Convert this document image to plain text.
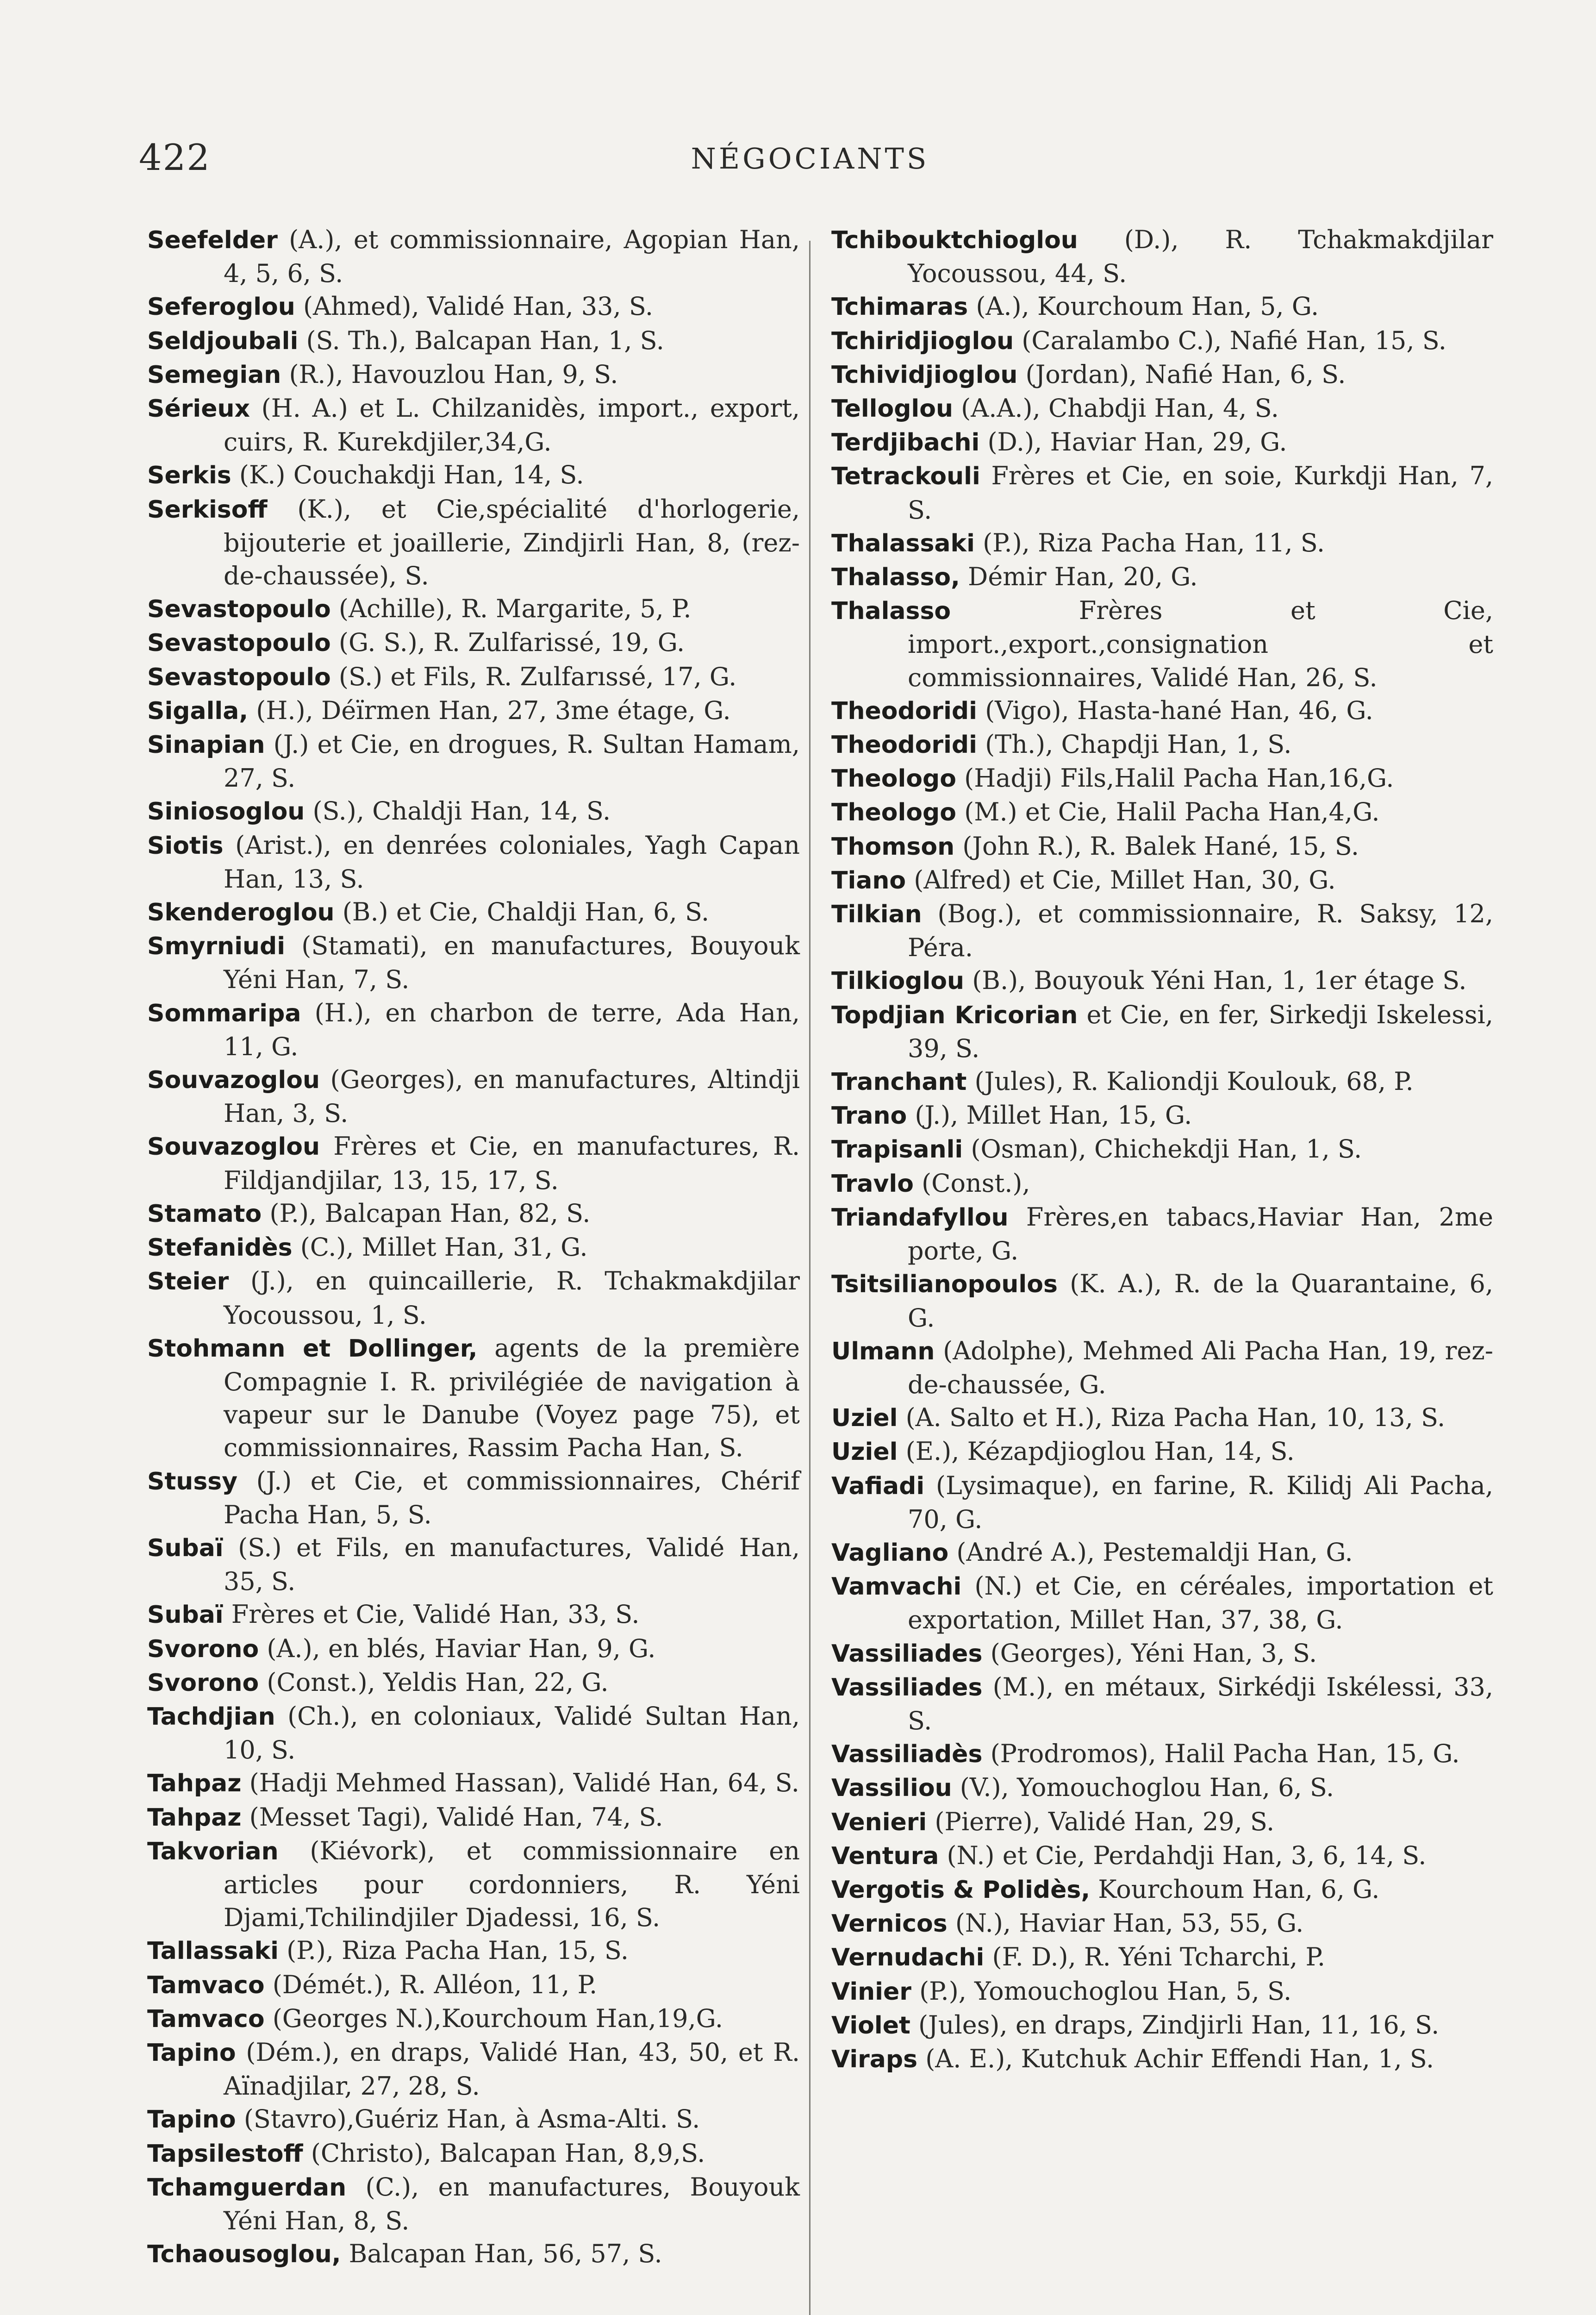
422	NÉGOCIANTS
Seefelder (A.), et commissionnaire, Agopian Han, 4, 5, 6, S.
Seferoglou (Ahmed), Validé Han, 33, S.
Seldjoubali (S. Th.), Balcapan Han, 1, S.
Semegian (R.), Havouzlou Han, 9, S.
Sérieux (H. A.) et L. Chilzanidès, import., export, cuirs, R. Kurekdjiler,34,G.
Serkis (K.) Couchakdji Han, 14, S.
Serkisoff (K.), et Cie,spécialité d'horlogerie, bijouterie et joaillerie, Zindjirli Han, 8, (rez-de-chaussée), S.
Sevastopoulo (Achille), R. Margarite, 5, P.
Sevastopoulo (G. S.), R. Zulfarissé, 19, G.
Sevastopoulo (S.) et Fils, R. Zulfarıssé, 17, G.
Sigalla, (H.), Déïrmen Han, 27, 3me étage, G.
Sinapian (J.) et Cie, en drogues, R. Sultan Hamam, 27, S.
Siniosoglou (S.), Chaldji Han, 14, S.
Siotis (Arist.), en denrées coloniales, Yagh Capan Han, 13, S.
Skenderoglou (B.) et Cie, Chaldji Han, 6, S.
Smyrniudi (Stamati), en manufactures, Bouyouk Yéni Han, 7, S.
Sommaripa (H.), en charbon de terre, Ada Han, 11, G.
Souvazoglou (Georges), en manufactures, Altindji Han, 3, S.
Souvazoglou Frères et Cie, en manufactures, R. Fildjandjilar, 13, 15, 17, S.
Stamato (P.), Balcapan Han, 82, S.
Stefanidès (C.), Millet Han, 31, G.
Steier (J.), en quincaillerie, R. Tchakmakdjilar Yocoussou, 1, S.
Stohmann et Dollinger, agents de la première Compagnie I. R. privilégiée de navigation à vapeur sur le Danube (Voyez page 75), et commissionnaires, Rassim Pacha Han, S.
Stussy (J.) et Cie, et commissionnaires, Chérif Pacha Han, 5, S.
Subaï (S.) et Fils, en manufactures, Validé Han, 35, S.
Subaï Frères et Cie, Validé Han, 33, S.
Svorono (A.), en blés, Haviar Han, 9, G.
Svorono (Const.), Yeldis Han, 22, G.
Tachdjian (Ch.), en coloniaux, Validé Sultan Han, 10, S.
Tahpaz (Hadji Mehmed Hassan), Validé Han, 64, S.
Tahpaz (Messet Tagi), Validé Han, 74, S.
Takvorian (Kiévork), et commissionnaire en articles pour cordonniers, R. Yéni Djami,Tchilindjiler Djadessi, 16, S.
Tallassaki (P.), Riza Pacha Han, 15, S.
Tamvaco (Démét.), R. Alléon, 11, P.
Tamvaco (Georges N.),Kourchoum Han,19,G.
Tapino (Dém.), en draps, Validé Han, 43, 50, et R. Aïnadjilar, 27, 28, S.
Tapino (Stavro),Guériz Han, à Asma-Alti. S.
Tapsilestoff (Christo), Balcapan Han, 8,9,S.
Tchamguerdan (C.), en manufactures, Bouyouk Yéni Han, 8, S.
Tchaousoglou, Balcapan Han, 56, 57, S.
Tchibouktchioglou (D.), R. Tchakmakdjilar Yocoussou, 44, S.
Tchimaras (A.), Kourchoum Han, 5, G.
Tchiridjioglou (Caralambo C.), Nafié Han, 15, S.
Tchividjioglou (Jordan), Nafié Han, 6, S.
Telloglou (A.A.), Chabdji Han, 4, S.
Terdjibachi (D.), Haviar Han, 29, G.
Tetrackouli Frères et Cie, en soie, Kurkdji Han, 7, S.
Thalassaki (P.), Riza Pacha Han, 11, S.
Thalasso, Démir Han, 20, G.
Thalasso Frères et Cie, import.,export.,consignation et commissionnaires, Validé Han, 26, S.
Theodoridi (Vigo), Hasta-hané Han, 46, G.
Theodoridi (Th.), Chapdji Han, 1, S.
Theologo (Hadji) Fils,Halil Pacha Han,16,G.
Theologo (M.) et Cie, Halil Pacha Han,4,G.
Thomson (John R.), R. Balek Hané, 15, S.
Tiano (Alfred) et Cie, Millet Han, 30, G.
Tilkian (Bog.), et commissionnaire, R. Saksy, 12, Péra.
Tilkioglou (B.), Bouyouk Yéni Han, 1, 1er étage S.
Topdjian Kricorian et Cie, en fer, Sirkedji Iskelessi, 39, S.
Tranchant (Jules), R. Kaliondji Koulouk, 68, P.
Trano (J.), Millet Han, 15, G.
Trapisanli (Osman), Chichekdji Han, 1, S.
Travlo (Const.),
Triandafyllou Frères,en tabacs,Haviar Han, 2me porte, G.
Tsitsilianopoulos (K. A.), R. de la Quarantaine, 6, G.
Ulmann (Adolphe), Mehmed Ali Pacha Han, 19, rez-de-chaussée, G.
Uziel (A. Salto et H.), Riza Pacha Han, 10, 13, S.
Uziel (E.), Kézapdjioglou Han, 14, S.
Vafiadi (Lysimaque), en farine, R. Kilidj Ali Pacha, 70, G.
Vagliano (André A.), Pestemaldji Han, G.
Vamvachi (N.) et Cie, en céréales, importation et exportation, Millet Han, 37, 38, G.
Vassiliades (Georges), Yéni Han, 3, S.
Vassiliades (M.), en métaux, Sirkédji Iskélessi, 33, S.
Vassiliadès (Prodromos), Halil Pacha Han, 15, G.
Vassiliou (V.), Yomouchoglou Han, 6, S.
Venieri (Pierre), Validé Han, 29, S.
Ventura (N.) et Cie, Perdahdji Han, 3, 6, 14, S.
Vergotis & Polidès, Kourchoum Han, 6, G.
Vernicos (N.), Haviar Han, 53, 55, G.
Vernudachi (F. D.), R. Yéni Tcharchi, P.
Vinier (P.), Yomouchoglou Han, 5, S.
Violet (Jules), en draps, Zindjirli Han, 11, 16, S.
Viraps (A. E.), Kutchuk Achir Effendi Han, 1, S.
